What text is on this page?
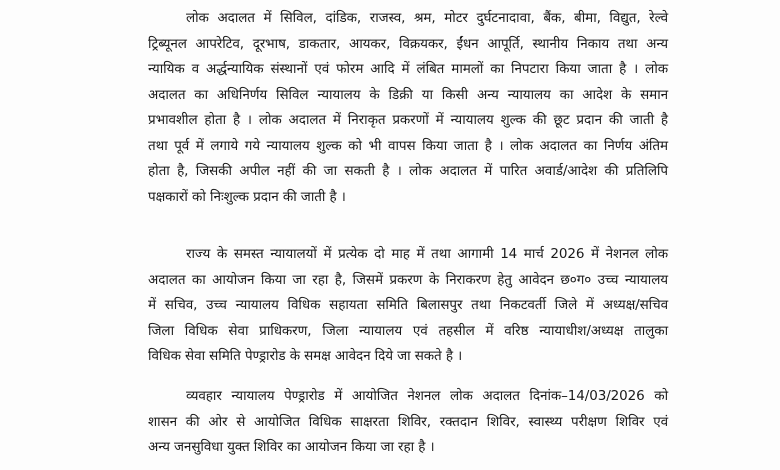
लोक अदालत में सिविल, दांडिक, राजस्व, श्रम, मोटर दुर्घटनादावा, बैंक, बीमा, विद्युत, रेल्वे
ट्रिब्यूनल आपरेटिव, दूरभाष, डाकतार, आयकर, विक्रयकर, ईंधन आपूर्ति, स्थानीय निकाय तथा अन्य
न्यायिक व अर्द्धन्यायिक संस्थानों एवं फोरम आदि में लंबित मामलों का निपटारा किया जाता है । लोक
अदालत का अधिनिर्णय सिविल न्यायालय के डिक्री या किसी अन्य न्यायालय का आदेश के समान
प्रभावशील होता है । लोक अदालत में निराकृत प्रकरणों में न्यायालय शुल्क की छूट प्रदान की जाती है
तथा पूर्व में लगाये गये न्यायालय शुल्क को भी वापस किया जाता है । लोक अदालत का निर्णय अंतिम
होता है, जिसकी अपील नहीं की जा सकती है । लोक अदालत में पारित अवार्ड/आदेश की प्रतिलिपि
पक्षकारों को निःशुल्क प्रदान की जाती है ।
राज्य के समस्त न्यायालयों में प्रत्येक दो माह में तथा आगामी 14 मार्च 2026 में नेशनल लोक
अदालत का आयोजन किया जा रहा है, जिसमें प्रकरण के निराकरण हेतु आवेदन छ०ग० उच्च न्यायालय
में सचिव, उच्च न्यायालय विधिक सहायता समिति बिलासपुर तथा निकटवर्ती जिले में अध्यक्ष/सचिव
जिला विधिक सेवा प्राधिकरण, जिला न्यायालय एवं तहसील में वरिष्ठ न्यायाधीश/अध्यक्ष तालुका
विधिक सेवा समिति पेण्ड्रारोड के समक्ष आवेदन दिये जा सकते है ।
व्यवहार न्यायालय पेण्ड्रारोड में आयोजित नेशनल लोक अदालत दिनांक–14/03/2026 को
शासन की ओर से आयोजित विधिक साक्षरता शिविर, रक्तदान शिविर, स्वास्थ्य परीक्षण शिविर एवं
अन्य जनसुविधा युक्त शिविर का आयोजन किया जा रहा है ।
